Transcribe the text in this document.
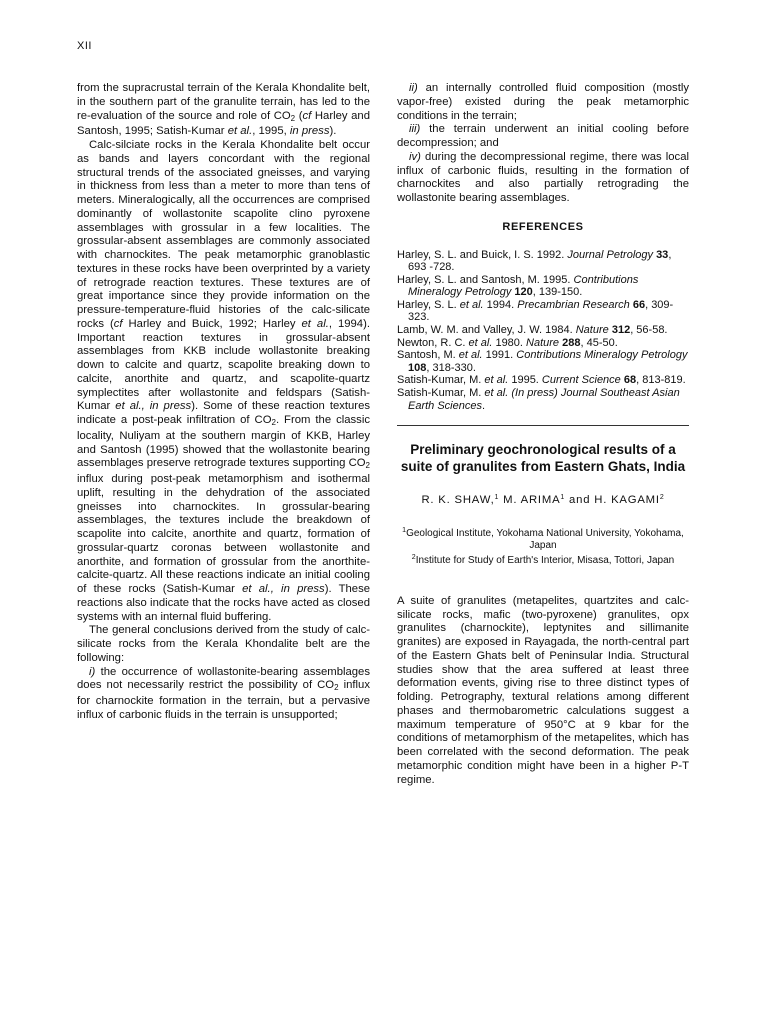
XII

from the supracrustal terrain of the Kerala Khondalite belt, in the southern part of the granulite terrain, has led to the re-evaluation of the source and role of $CO_2$ (cf Harley and Santosh, 1995; Satish-Kumar et al., 1995, in press).

Calc-silciate rocks in the Kerala Khondalite belt occur as bands and layers concordant with the regional structural trends of the associated gneisses, and varying in thickness from less than a meter to more than tens of meters. Mineralogically, all the occurrences are comprised dominantly of wollastonite scapolite clino pyroxene assemblages with grossular in a few localities. The grossular-absent assemblages are commonly associated with charnockites. The peak metamorphic granoblastic textures in these rocks have been overprinted by a variety of retrograde reaction textures. These textures are of great importance since they provide information on the pressure-temperature-fluid histories of the calc-silicate rocks (cf Harley and Buick, 1992; Harley et al., 1994). Important reaction textures in grossular-absent assemblages from KKB include wollastonite breaking down to calcite and quartz, scapolite breaking down to calcite, anorthite and quartz, and scapolite-quartz symplectites after wollastonite and feldspars (Satish-Kumar et al., in press). Some of these reaction textures indicate a post-peak infiltration of $CO_2$. From the classic locality, Nuliyam at the southern margin of KKB, Harley and Santosh (1995) showed that the wollastonite bearing assemblages preserve retrograde textures supporting $CO_2$ influx during post-peak metamorphism and isothermal uplift, resulting in the dehydration of the associated gneisses into charnockites. In grossular-bearing assemblages, the textures include the breakdown of scapolite into calcite, anorthite and quartz, formation of grossular-quartz coronas between wollastonite and anorthite, and formation of grossular from the anorthite-calcite-quartz. All these reactions indicate an initial cooling of these rocks (Satish-Kumar et al., in press). These reactions also indicate that the rocks have acted as closed systems with an internal fluid buffering.

The general conclusions derived from the study of calc-silicate rocks from the Kerala Khondalite belt are the following:

i) the occurrence of wollastonite-bearing assemblages does not necessarily restrict the possibility of $CO_2$ influx for charnockite formation in the terrain, but a pervasive influx of carbonic fluids in the terrain is unsupported;

ii) an internally controlled fluid composition (mostly vapor-free) existed during the peak metamorphic conditions in the terrain;

iii) the terrain underwent an initial cooling before decompression; and

iv) during the decompressional regime, there was local influx of carbonic fluids, resulting in the formation of charnockites and also partially retrograding the wollastonite bearing assemblages.

REFERENCES

Harley, S. L. and Buick, I. S. 1992. Journal Petrology 33, 693 -728.

Harley, S. L. and Santosh, M. 1995. Contributions Mineralogy Petrology 120, 139-150.

Harley, S. L. et al. 1994. Precambrian Research 66, 309-323.

Lamb, W. M. and Valley, J. W. 1984. Nature 312, 56-58.

Newton, R. C. et al. 1980. Nature 288, 45-50.

Santosh, M. et al. 1991. Contributions Mineralogy Petrology 108, 318-330.

Satish-Kumar, M. et al. 1995. Current Science 68, 813-819.

Satish-Kumar, M. et al. (In press) Journal Southeast Asian Earth Sciences.

Preliminary geochronological results of a suite of granulites from Eastern Ghats, India
R. K. SHAW,$^1$ M. ARIMA$^1$ and H. KAGAMI$^2$
$^1$Geological Institute, Yokohama National University, Yokohama, Japan
$^2$Institute for Study of Earth's Interior, Misasa, Tottori, Japan

A suite of granulites (metapelites, quartzites and calc-silicate rocks, mafic (two-pyroxene) granulites, opx granulites (charnockite), leptynites and sillimanite granites) are exposed in Rayagada, the north-central part of the Eastern Ghats belt of Peninsular India. Structural studies show that the area suffered at least three deformation events, giving rise to three distinct types of folding. Petrography, textural relations among different phases and thermobarometric calculations suggest a maximum temperature of 950°C at 9 kbar for the conditions of metamorphism of the metapelites, which has been correlated with the second deformation. The peak metamorphic condition might have been in a higher P-T regime.
